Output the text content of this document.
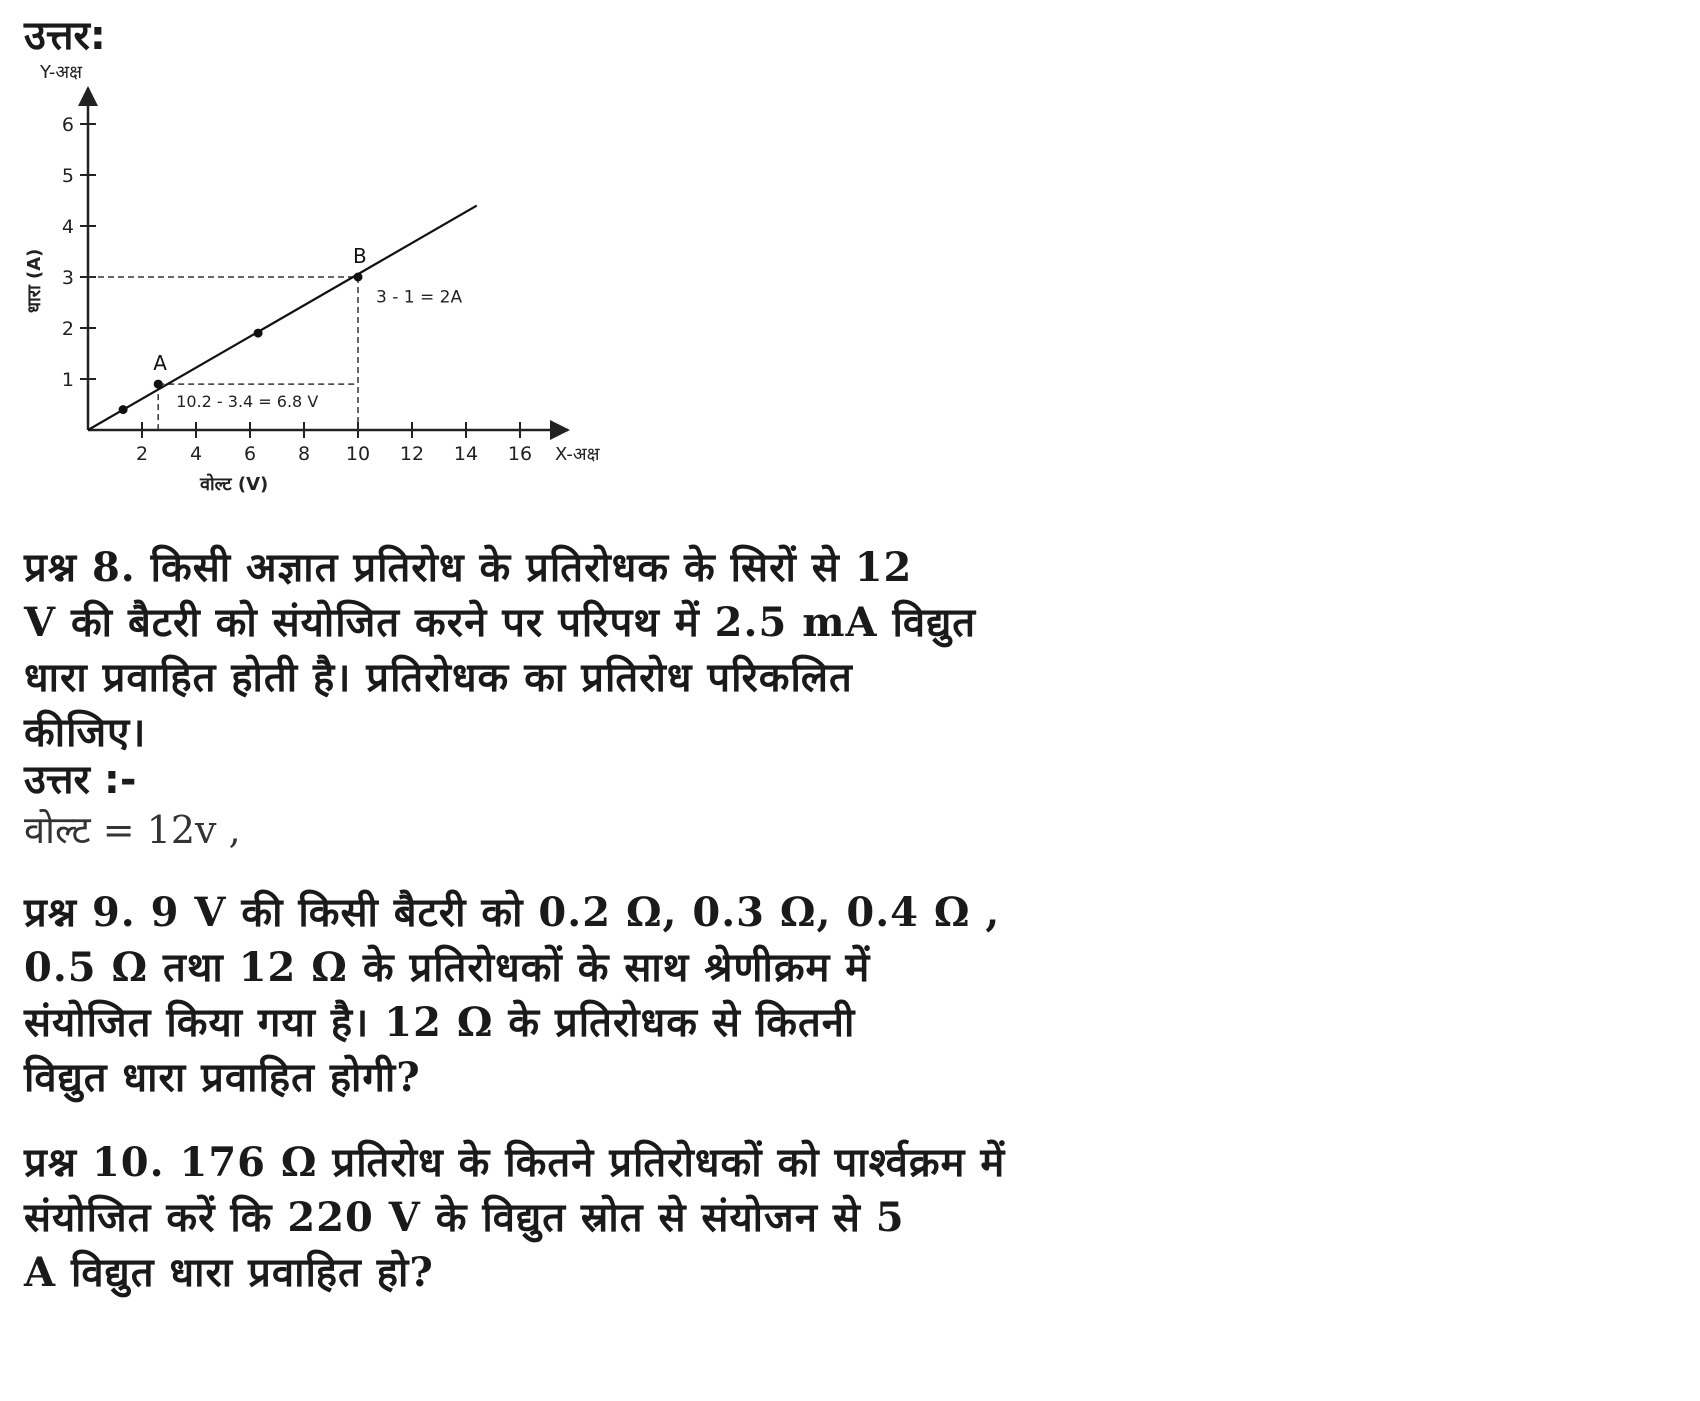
उत्तर:
Y-अक्ष
X-अक्ष
वोल्ट (V)
धारा (A)
2 4 6 8 10 12 14 16
1
2
3
4
5
6
A
B
3 - 1 = 2A
10.2 - 3.4 = 6.8 V
प्रश्न 8. किसी अज्ञात प्रतिरोध के प्रतिरोधक के सिरों से 12
V की बैटरी को संयोजित करने पर परिपथ में 2.5 mA विद्युत
धारा प्रवाहित होती है। प्रतिरोधक का प्रतिरोध परिकलित
कीजिए।
उत्तर :-
वोल्ट = 12v ,
प्रश्न 9. 9 V की किसी बैटरी को 0.2 Ω, 0.3 Ω, 0.4 Ω ,
0.5 Ω तथा 12 Ω के प्रतिरोधकों के साथ श्रेणीक्रम में
संयोजित किया गया है। 12 Ω के प्रतिरोधक से कितनी
विद्युत धारा प्रवाहित होगी?
प्रश्न 10. 176 Ω प्रतिरोध के कितने प्रतिरोधकों को पार्श्वक्रम में
संयोजित करें कि 220 V के विद्युत स्रोत से संयोजन से 5
A विद्युत धारा प्रवाहित हो?
